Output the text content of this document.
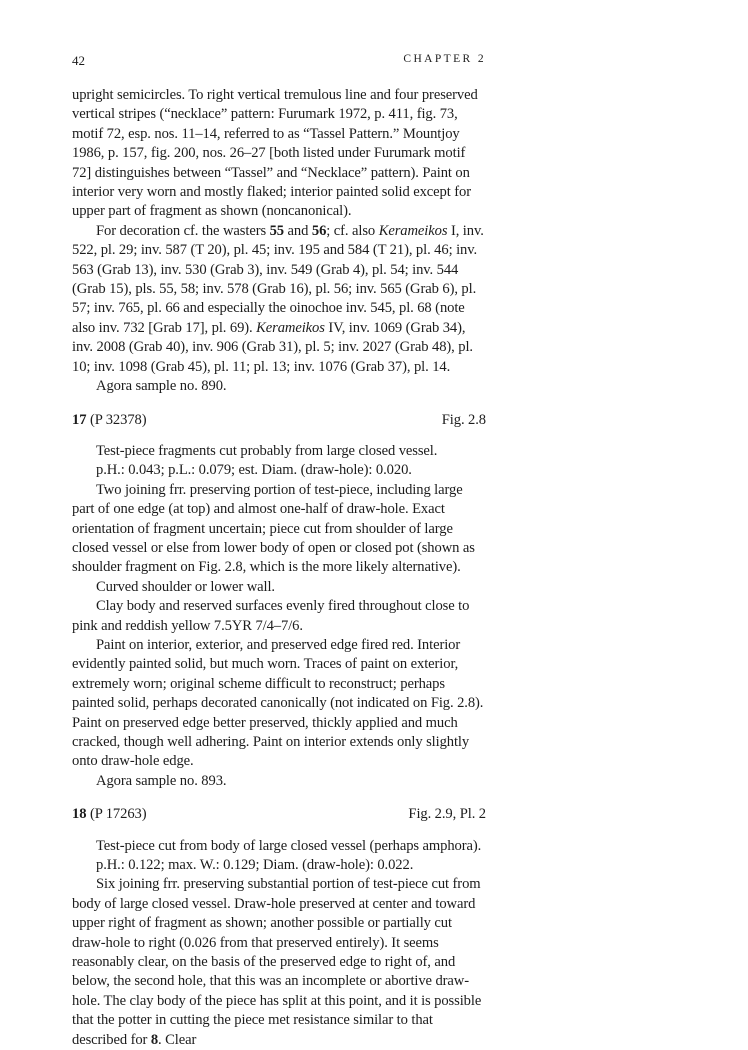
42	CHAPTER 2

upright semicircles. To right vertical tremulous line and four preserved vertical stripes (“necklace” pattern: Furumark 1972, p. 411, fig. 73, motif 72, esp. nos. 11–14, referred to as “Tassel Pattern.” Mountjoy 1986, p. 157, fig. 200, nos. 26–27 [both listed under Furumark motif 72] distinguishes between “Tassel” and “Necklace” pattern). Paint on interior very worn and mostly flaked; interior painted solid except for upper part of fragment as shown (noncanonical).

For decoration cf. the wasters 55 and 56; cf. also Kerameikos I, inv. 522, pl. 29; inv. 587 (T 20), pl. 45; inv. 195 and 584 (T 21), pl. 46; inv. 563 (Grab 13), inv. 530 (Grab 3), inv. 549 (Grab 4), pl. 54; inv. 544 (Grab 15), pls. 55, 58; inv. 578 (Grab 16), pl. 56; inv. 565 (Grab 6), pl. 57; inv. 765, pl. 66 and especially the oinochoe inv. 545, pl. 68 (note also inv. 732 [Grab 17], pl. 69). Kerameikos IV, inv. 1069 (Grab 34), inv. 2008 (Grab 40), inv. 906 (Grab 31), pl. 5; inv. 2027 (Grab 48), pl. 10; inv. 1098 (Grab 45), pl. 11; pl. 13; inv. 1076 (Grab 37), pl. 14.

Agora sample no. 890.

17 (P 32378)	Fig. 2.8

Test-piece fragments cut probably from large closed vessel.

p.H.: 0.043; p.L.: 0.079; est. Diam. (draw-hole): 0.020.

Two joining frr. preserving portion of test-piece, including large part of one edge (at top) and almost one-half of draw-hole. Exact orientation of fragment uncertain; piece cut from shoulder of large closed vessel or else from lower body of open or closed pot (shown as shoulder fragment on Fig. 2.8, which is the more likely alternative).

Curved shoulder or lower wall.

Clay body and reserved surfaces evenly fired throughout close to pink and reddish yellow 7.5YR 7/4–7/6.

Paint on interior, exterior, and preserved edge fired red. Interior evidently painted solid, but much worn. Traces of paint on exterior, extremely worn; original scheme difficult to reconstruct; perhaps painted solid, perhaps decorated canonically (not indicated on Fig. 2.8). Paint on preserved edge better preserved, thickly applied and much cracked, though well adhering. Paint on interior extends only slightly onto draw-hole edge.

Agora sample no. 893.

18 (P 17263)	Fig. 2.9, Pl. 2

Test-piece cut from body of large closed vessel (perhaps amphora).

p.H.: 0.122; max. W.: 0.129; Diam. (draw-hole): 0.022.

Six joining frr. preserving substantial portion of test-piece cut from body of large closed vessel. Draw-hole preserved at center and toward upper right of fragment as shown; another possible or partially cut draw-hole to right (0.026 from that preserved entirely). It seems reasonably clear, on the basis of the preserved edge to right of, and below, the second hole, that this was an incomplete or abortive draw-hole. The clay body of the piece has split at this point, and it is possible that the potter in cutting the piece met resistance similar to that described for 8. Clear
